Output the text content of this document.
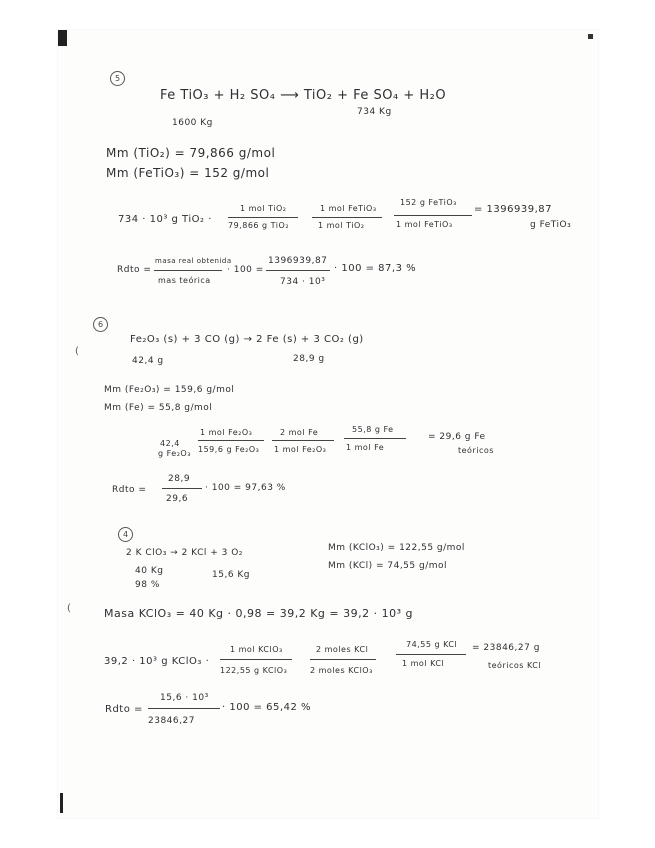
5
Fe TiO₃ + H₂ SO₄ ⟶ TiO₂ + Fe SO₄ + H₂O
1600 Kg
734 Kg
Mm (TiO₂) = 79,866 g/mol
Mm (FeTiO₃) = 152 g/mol
734 · 10³ g TiO₂ ·
1 mol TiO₂
79,866 g TiO₂
1 mol FeTiO₃
1 mol TiO₂
152 g FeTiO₃
1 mol FeTiO₃
= 1396939,87
g FeTiO₃
Rdto =
masa real obtenida
mas teórica
· 100 =
1396939,87
734 · 10³
· 100 = 87,3 %
6
(
Fe₂O₃ (s) + 3 CO (g) → 2 Fe (s) + 3 CO₂ (g)
42,4 g	28,9 g
Mm (Fe₂O₃) = 159,6 g/mol
Mm (Fe) = 55,8 g/mol
42,4
g Fe₂O₃
1 mol Fe₂O₃
159,6 g Fe₂O₃
2 mol Fe
1 mol Fe₂O₃
55,8 g Fe
1 mol Fe
= 29,6 g Fe
teóricos
Rdto =
28,9
29,6
· 100 = 97,63 %
4
2 K ClO₃ → 2 KCl + 3 O₂
40 Kg
98 %
15,6 Kg
Mm (KClO₃) = 122,55 g/mol
Mm (KCl) = 74,55 g/mol
(	Masa KClO₃ = 40 Kg · 0,98 = 39,2 Kg = 39,2 · 10³ g
39,2 · 10³ g KClO₃ ·
1 mol KClO₃
122,55 g KClO₃
2 moles KCl
2 moles KClO₃
74,55 g KCl
1 mol KCl
= 23846,27 g
teóricos KCl
Rdto =
15,6 · 10³
23846,27
· 100 = 65,42 %
